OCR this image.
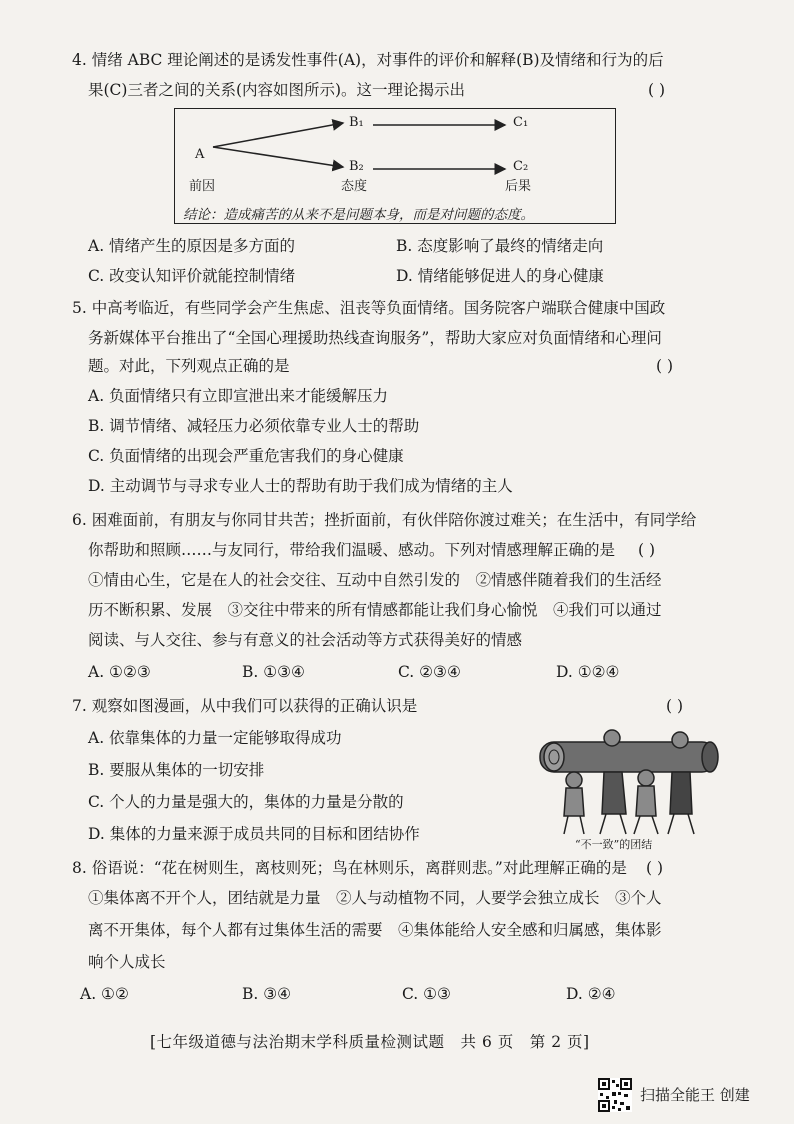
4. 情绪 ABC 理论阐述的是诱发性事件(A)，对事件的评价和解释(B)及情绪和行为的后
果(C)三者之间的关系(内容如图所示)。这一理论揭示出	( )
A
B₁
B₂
C₁
C₂
前因	态度	后果
结论：造成痛苦的从来不是问题本身，而是对问题的态度。
A. 情绪产生的原因是多方面的	B. 态度影响了最终的情绪走向
C. 改变认知评价就能控制情绪	D. 情绪能够促进人的身心健康
5. 中高考临近，有些同学会产生焦虑、沮丧等负面情绪。国务院客户端联合健康中国政
务新媒体平台推出了“全国心理援助热线查询服务”，帮助大家应对负面情绪和心理问
题。对此，下列观点正确的是	( )
A. 负面情绪只有立即宣泄出来才能缓解压力
B. 调节情绪、减轻压力必须依靠专业人士的帮助
C. 负面情绪的出现会严重危害我们的身心健康
D. 主动调节与寻求专业人士的帮助有助于我们成为情绪的主人
6. 困难面前，有朋友与你同甘共苦；挫折面前，有伙伴陪你渡过难关；在生活中，有同学给
你帮助和照顾……与友同行，带给我们温暖、感动。下列对情感理解正确的是 ( )
①情由心生，它是在人的社会交往、互动中自然引发的　②情感伴随着我们的生活经
历不断积累、发展　③交往中带来的所有情感都能让我们身心愉悦　④我们可以通过
阅读、与人交往、参与有意义的社会活动等方式获得美好的情感
A. ①②③	B. ①③④	C. ②③④	D. ①②④
7. 观察如图漫画，从中我们可以获得的正确认识是	( )
A. 依靠集体的力量一定能够取得成功
B. 要服从集体的一切安排
C. 个人的力量是强大的，集体的力量是分散的
D. 集体的力量来源于成员共同的目标和团结协作
“不一致”的团结
8. 俗语说：“花在树则生，离枝则死；鸟在林则乐，离群则悲。”对此理解正确的是 ( )
①集体离不开个人，团结就是力量　②人与动植物不同，人要学会独立成长　③个人
离不开集体，每个人都有过集体生活的需要　④集体能给人安全感和归属感，集体影
响个人成长
A. ①②	B. ③④	C. ①③	D. ②④
[七年级道德与法治期末学科质量检测试题　共 6 页　第 2 页]
扫描全能王 创建
